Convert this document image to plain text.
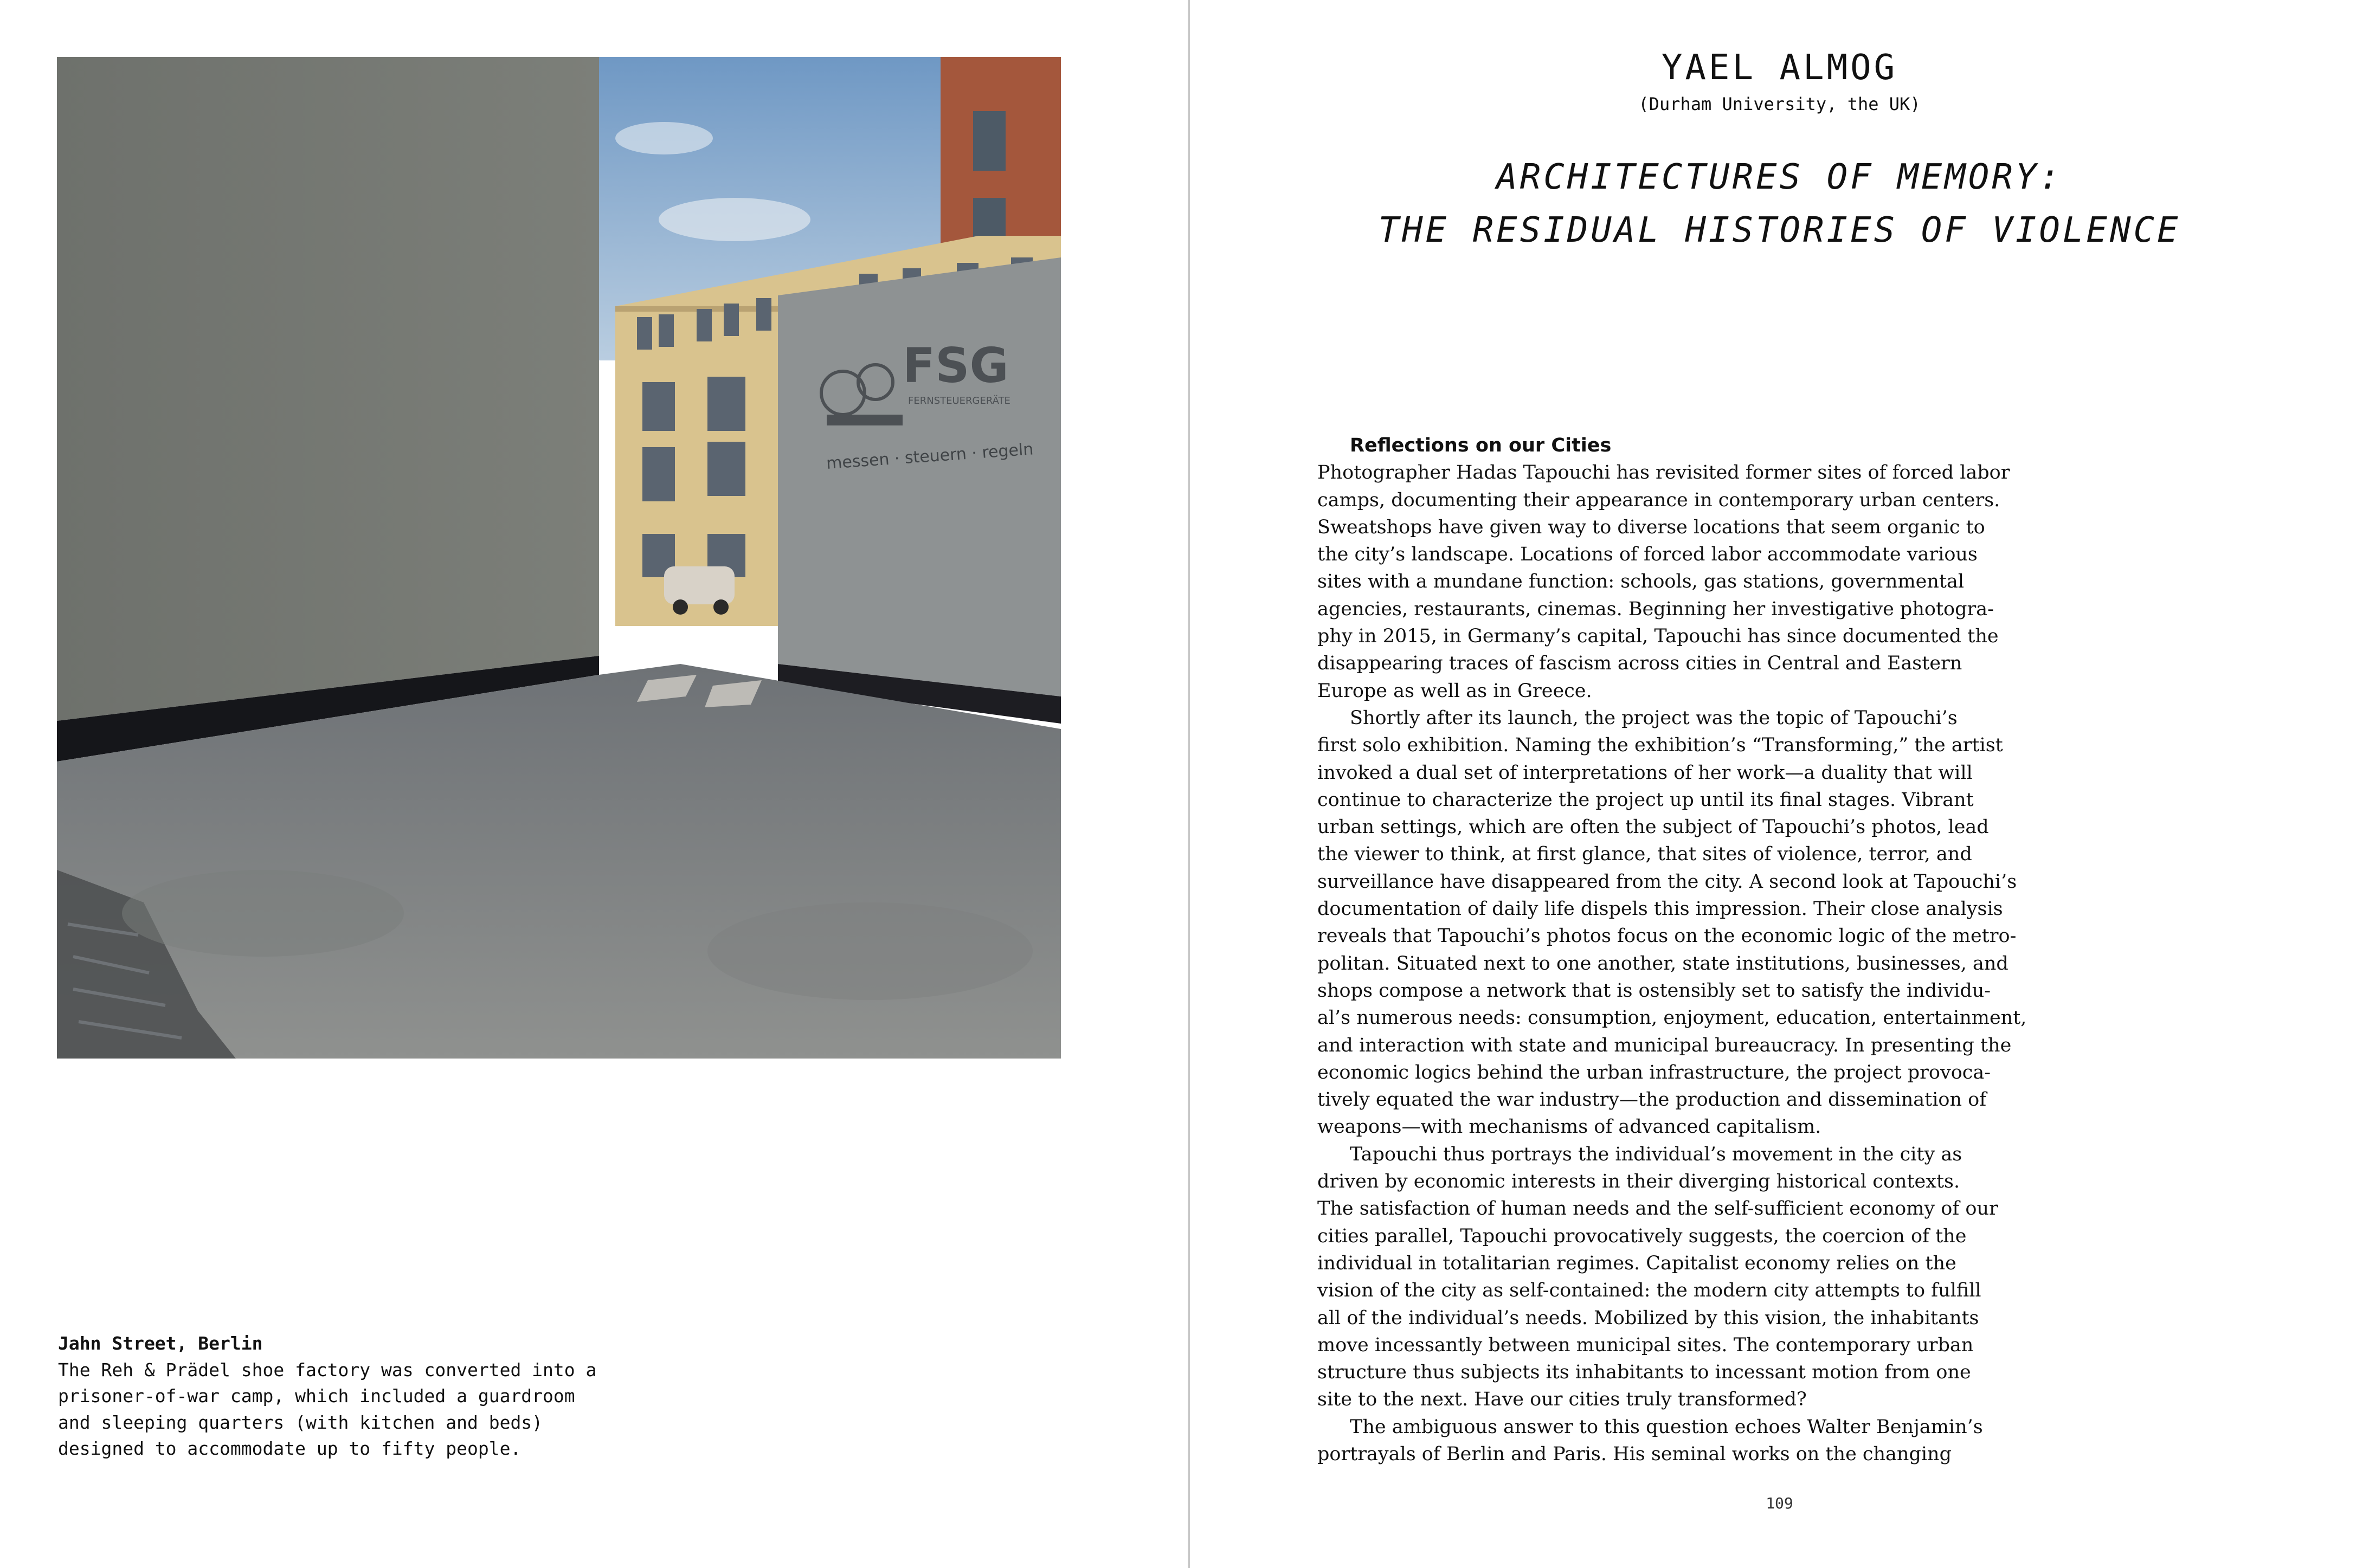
FSG
FERNSTEUERGERÄTE
messen · steuern · regeln
Jahn Street, Berlin
The Reh & Prädel shoe factory was converted into a
prisoner-of-war camp, which included a guardroom
and sleeping quarters (with kitchen and beds)
designed to accommodate up to fifty people.
YAEL ALMOG
(Durham University, the UK)
ARCHITECTURES OF MEMORY:
THE RESIDUAL HISTORIES OF VIOLENCE
Reflections on our Cities
Photographer Hadas Tapouchi has revisited former sites of forced labor
camps, documenting their appearance in contemporary urban centers.
Sweatshops have given way to diverse locations that seem organic to
the city’s landscape. Locations of forced labor accommodate various
sites with a mundane function: schools, gas stations, governmental
agencies, restaurants, cinemas. Beginning her investigative photogra-
phy in 2015, in Germany’s capital, Tapouchi has since documented the
disappearing traces of fascism across cities in Central and Eastern
Europe as well as in Greece.
Shortly after its launch, the project was the topic of Tapouchi’s
first solo exhibition. Naming the exhibition’s “Transforming,” the artist
invoked a dual set of interpretations of her work—a duality that will
continue to characterize the project up until its final stages. Vibrant
urban settings, which are often the subject of Tapouchi’s photos, lead
the viewer to think, at first glance, that sites of violence, terror, and
surveillance have disappeared from the city. A second look at Tapouchi’s
documentation of daily life dispels this impression. Their close analysis
reveals that Tapouchi’s photos focus on the economic logic of the metro-
politan. Situated next to one another, state institutions, businesses, and
shops compose a network that is ostensibly set to satisfy the individu-
al’s numerous needs: consumption, enjoyment, education, entertainment,
and interaction with state and municipal bureaucracy. In presenting the
economic logics behind the urban infrastructure, the project provoca-
tively equated the war industry—the production and dissemination of
weapons—with mechanisms of advanced capitalism.
Tapouchi thus portrays the individual’s movement in the city as
driven by economic interests in their diverging historical contexts.
The satisfaction of human needs and the self-sufficient economy of our
cities parallel, Tapouchi provocatively suggests, the coercion of the
individual in totalitarian regimes. Capitalist economy relies on the
vision of the city as self-contained: the modern city attempts to fulfill
all of the individual’s needs. Mobilized by this vision, the inhabitants
move incessantly between municipal sites. The contemporary urban
structure thus subjects its inhabitants to incessant motion from one
site to the next. Have our cities truly transformed?
The ambiguous answer to this question echoes Walter Benjamin’s
portrayals of Berlin and Paris. His seminal works on the changing
109
